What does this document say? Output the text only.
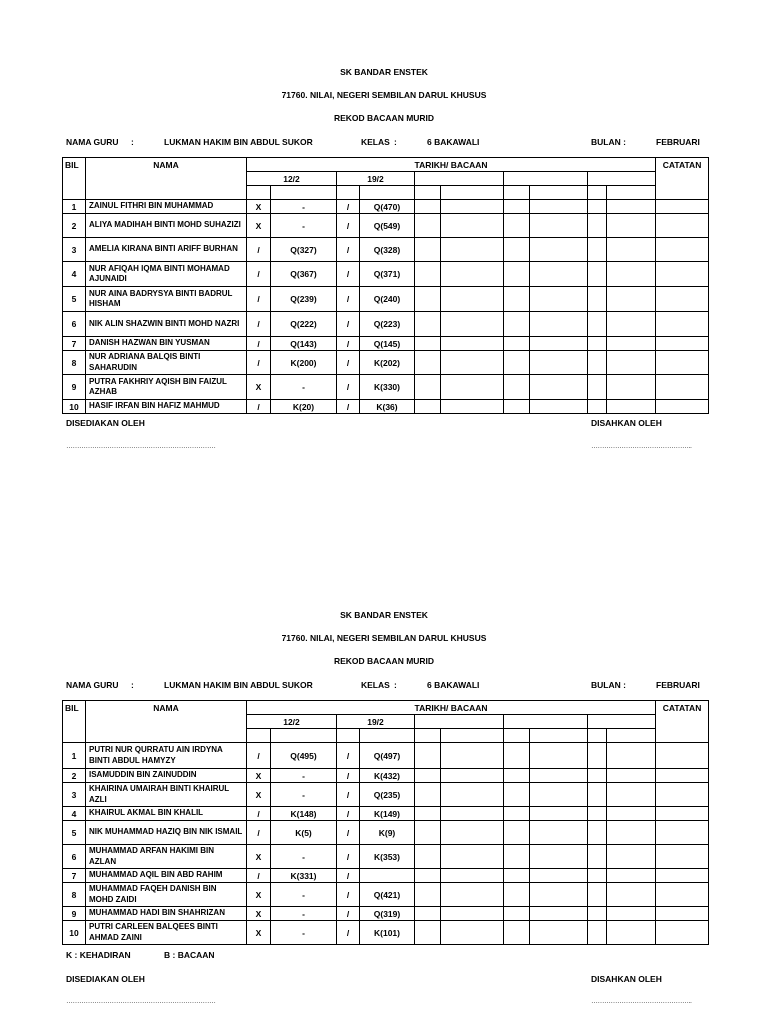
SK BANDAR ENSTEK
71760. NILAI, NEGERI SEMBILAN DARUL KHUSUS
REKOD BACAAN MURID
NAMA GURU :	LUKMAN HAKIM BIN ABDUL SUKOR	KELAS :	6 BAKAWALI	BULAN :	FEBRUARI
BIL	NAMA	TARIKH/ BACAAN										CATATAN
		12/2		19/2								

1	ZAINUL FITHRI BIN MUHAMMAD	X	-	/	Q(470)							
2	ALIYA MADIHAH BINTI MOHD SUHAZIZI	X	-	/	Q(549)							
3	AMELIA KIRANA BINTI ARIFF BURHAN	/	Q(327)	/	Q(328)							
4	NUR AFIQAH IQMA BINTI MOHAMAD AJUNAIDI	/	Q(367)	/	Q(371)							
5	NUR AINA BADRYSYA BINTI BADRUL HISHAM	/	Q(239)	/	Q(240)							
6	NIK ALIN SHAZWIN BINTI MOHD NAZRI	/	Q(222)	/	Q(223)							
7	DANISH HAZWAN BIN YUSMAN	/	Q(143)	/	Q(145)							
8	NUR ADRIANA BALQIS BINTI SAHARUDIN	/	K(200)	/	K(202)							
9	PUTRA FAKHRIY AQISH BIN FAIZUL AZHAB	X	-	/	K(330)							
10	HASIF IRFAN BIN HAFIZ MAHMUD	/	K(20)	/	K(36)							
DISEDIAKAN OLEH	DISAHKAN OLEH
……………………………………………………………	………………………………………..
SK BANDAR ENSTEK
71760. NILAI, NEGERI SEMBILAN DARUL KHUSUS
REKOD BACAAN MURID
NAMA GURU :	LUKMAN HAKIM BIN ABDUL SUKOR	KELAS :	6 BAKAWALI	BULAN :	FEBRUARI
BIL	NAMA	TARIKH/ BACAAN										CATATAN
		12/2		19/2								

1	PUTRI NUR QURRATU AIN IRDYNA BINTI ABDUL HAMYZY	/	Q(495)	/	Q(497)							
2	ISAMUDDIN BIN ZAINUDDIN	X	-	/	K(432)							
3	KHAIRINA UMAIRAH BINTI KHAIRUL AZLI	X	-	/	Q(235)							
4	KHAIRUL AKMAL BIN KHALIL	/	K(148)	/	K(149)							
5	NIK MUHAMMAD HAZIQ BIN NIK ISMAIL	/	K(5)	/	K(9)							
6	MUHAMMAD ARFAN HAKIMI BIN AZLAN	X	-	/	K(353)							
7	MUHAMMAD AQIL BIN ABD RAHIM	/	K(331)	/								
8	MUHAMMAD FAQEH DANISH BIN MOHD ZAIDI	X	-	/	Q(421)							
9	MUHAMMAD HADI BIN SHAHRIZAN	X	-	/	Q(319)							
10	PUTRI CARLEEN BALQEES BINTI AHMAD ZAINI	X	-	/	K(101)							
K : KEHADIRAN	B : BACAAN
DISEDIAKAN OLEH	DISAHKAN OLEH
……………………………………………………………	………………………………………..
